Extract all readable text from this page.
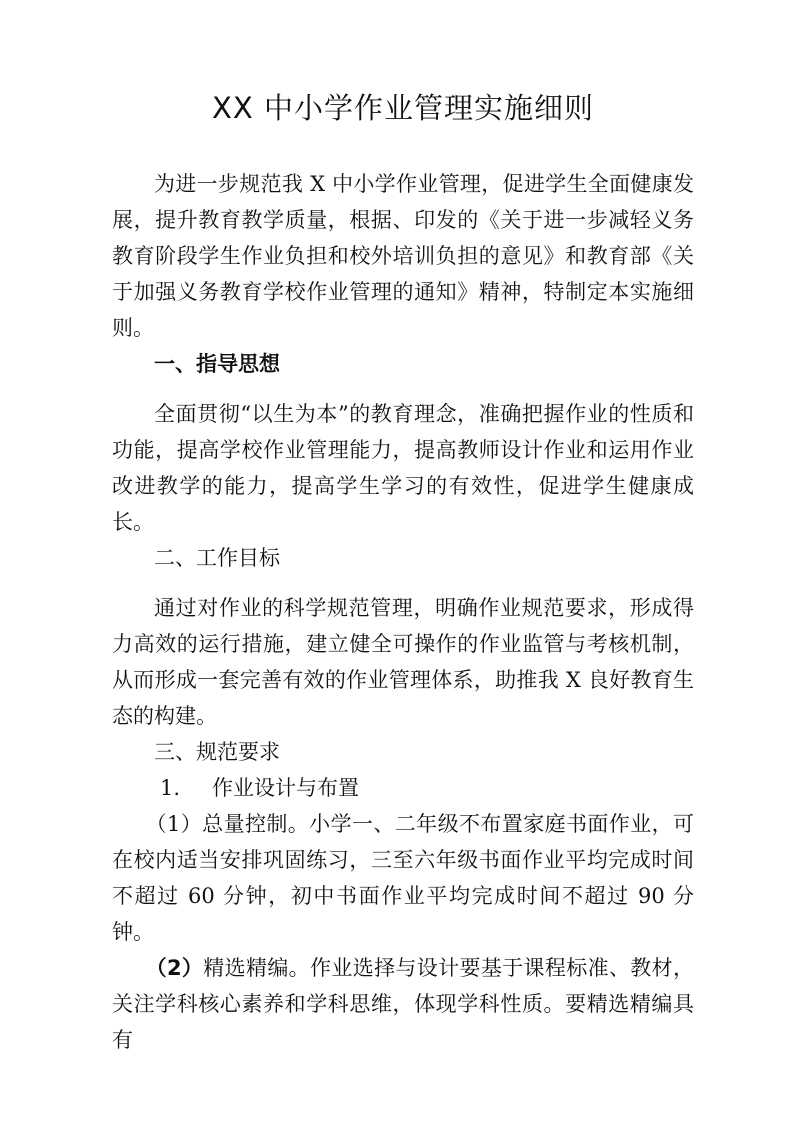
XX 中小学作业管理实施细则

为进一步规范我 X 中小学作业管理，促进学生全面健康发展，提升教育教学质量，根据、印发的《关于进一步减轻义务教育阶段学生作业负担和校外培训负担的意见》和教育部《关于加强义务教育学校作业管理的通知》精神，特制定本实施细则。

一、指导思想

全面贯彻“以生为本”的教育理念，准确把握作业的性质和功能，提高学校作业管理能力，提高教师设计作业和运用作业改进教学的能力，提高学生学习的有效性，促进学生健康成长。

二、工作目标

通过对作业的科学规范管理，明确作业规范要求，形成得力高效的运行措施，建立健全可操作的作业监管与考核机制，从而形成一套完善有效的作业管理体系，助推我 X 良好教育生态的构建。

三、规范要求

1. 作业设计与布置

（1）总量控制。小学一、二年级不布置家庭书面作业，可在校内适当安排巩固练习，三至六年级书面作业平均完成时间不超过 60 分钟，初中书面作业平均完成时间不超过 90 分钟。

（2）精选精编。作业选择与设计要基于课程标准、教材，关注学科核心素养和学科思维，体现学科性质。要精选精编具有
